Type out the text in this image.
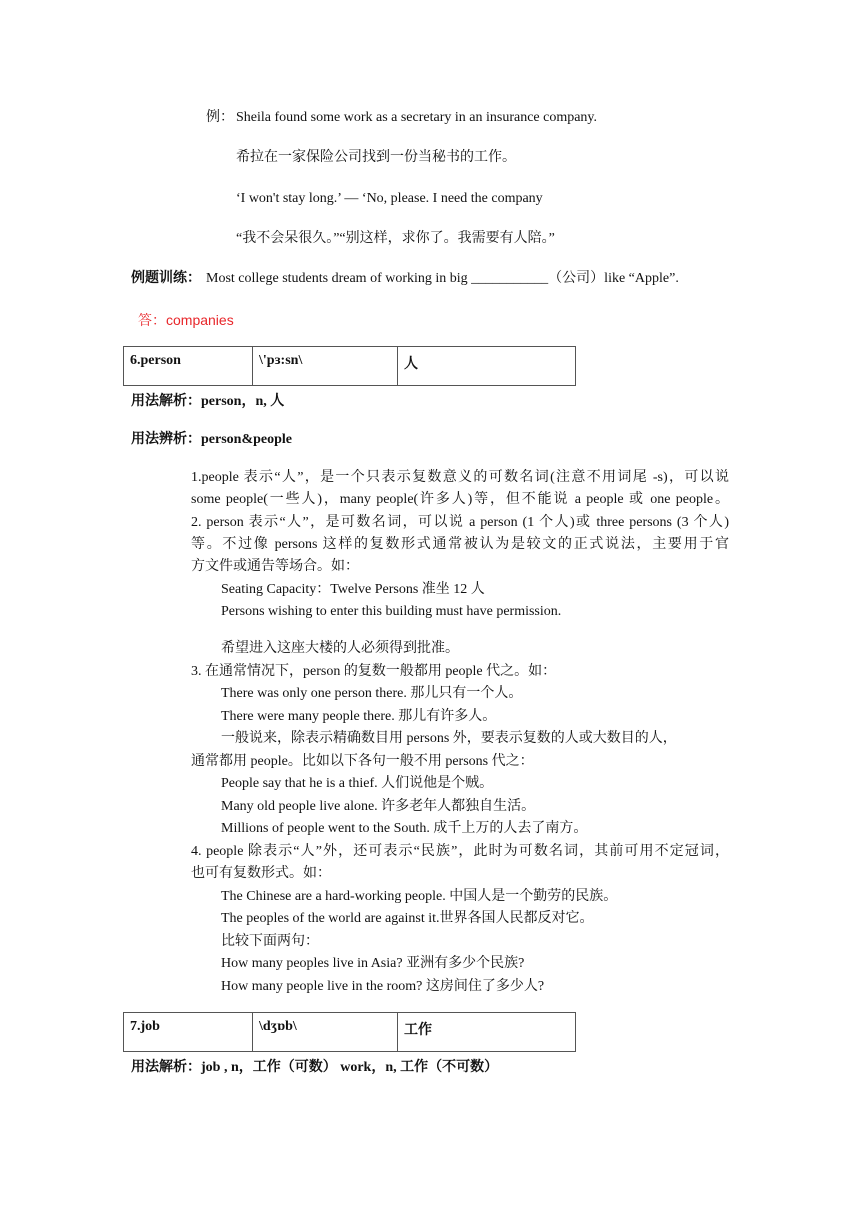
例： Sheila found some work as a secretary in an insurance company.
希拉在一家保险公司找到一份当秘书的工作。
‘I won't stay long.’ — ‘No, please. I need the company
“我不会呆很久。”“别这样，求你了。我需要有人陪。”
例题训练： Most college students dream of working in big ___________（公司）like “Apple”.
答：companies
6.person	\'pɜ:sn\	人
用法解析：person，n, 人
用法辨析：person&people
1.people 表示“人”，是一个只表示复数意义的可数名词(注意不用词尾 -s)，可以说
some people(一些人)，many people(许多人)等，但不能说 a people 或 one people。
2. person 表示“人”，是可数名词，可以说 a person (1 个人)或 three persons (3 个人)
等。不过像 persons 这样的复数形式通常被认为是较文的正式说法，主要用于官
方文件或通告等场合。如：
Seating Capacity：Twelve Persons 准坐 12 人
Persons wishing to enter this building must have permission.
希望进入这座大楼的人必须得到批准。
3. 在通常情况下，person 的复数一般都用 people 代之。如：
There was only one person there. 那儿只有一个人。
There were many people there. 那儿有许多人。
一般说来，除表示精确数目用 persons 外，要表示复数的人或大数目的人，
通常都用 people。比如以下各句一般不用 persons 代之：
People say that he is a thief. 人们说他是个贼。
Many old people live alone. 许多老年人都独自生活。
Millions of people went to the South. 成千上万的人去了南方。
4. people 除表示“人”外，还可表示“民族”，此时为可数名词，其前可用不定冠词，
也可有复数形式。如：
The Chinese are a hard-working people. 中国人是一个勤劳的民族。
The peoples of the world are against it.世界各国人民都反对它。
比较下面两句：
How many peoples live in Asia? 亚洲有多少个民族?
How many people live in the room? 这房间住了多少人?
7.job	\dʒɒb\	工作
用法解析：job , n，工作（可数） work，n, 工作（不可数）
